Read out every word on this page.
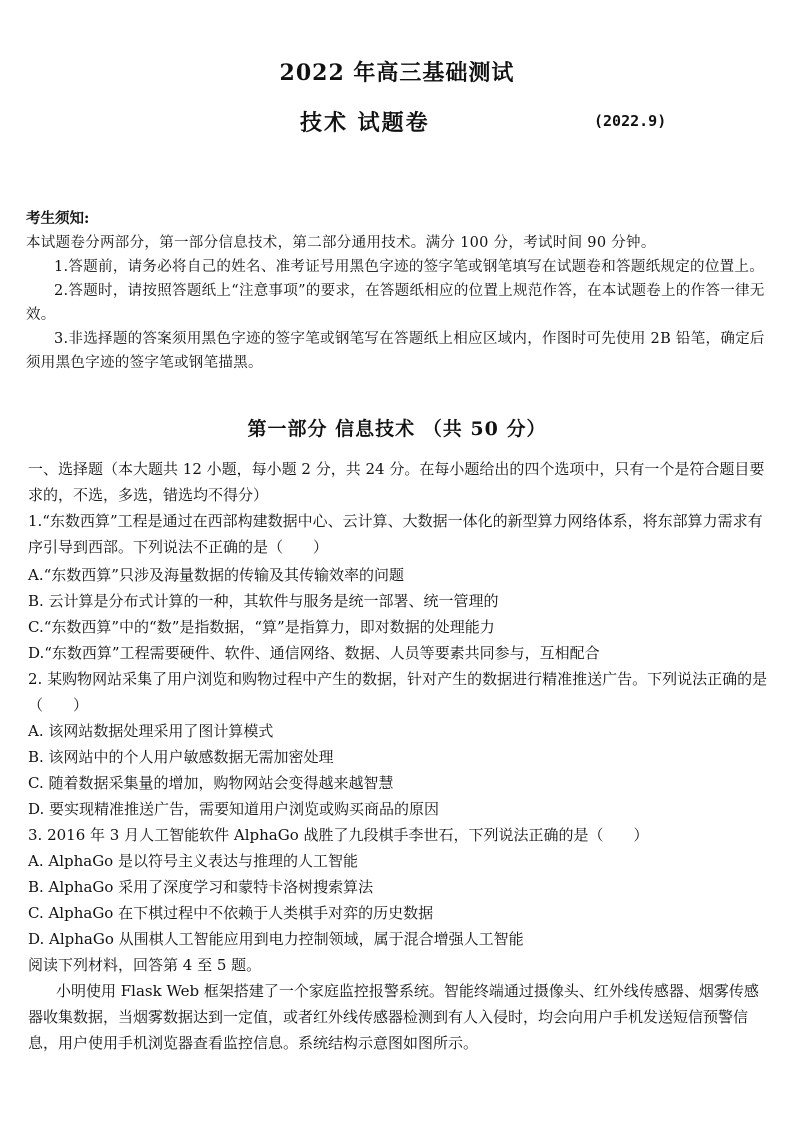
2022 年高三基础测试
技术 试题卷	(2022.9)
考生须知:
本试题卷分两部分，第一部分信息技术，第二部分通用技术。满分 100 分，考试时间 90 分钟。
1.答题前，请务必将自己的姓名、准考证号用黑色字迹的签字笔或钢笔填写在试题卷和答题纸规定的位置上。
2.答题时，请按照答题纸上“注意事项”的要求，在答题纸相应的位置上规范作答，在本试题卷上的作答一律无效。
3.非选择题的答案须用黑色字迹的签字笔或钢笔写在答题纸上相应区域内，作图时可先使用 2B 铅笔，确定后须用黑色字迹的签字笔或钢笔描黑。
第一部分 信息技术 （共 50 分）
一、选择题（本大题共 12 小题，每小题 2 分，共 24 分。在每小题给出的四个选项中，只有一个是符合题目要求的，不选，多选，错选均不得分）
1.“东数西算”工程是通过在西部构建数据中心、云计算、大数据一体化的新型算力网络体系，将东部算力需求有序引导到西部。下列说法不正确的是（　　）
A.“东数西算”只涉及海量数据的传输及其传输效率的问题
B. 云计算是分布式计算的一种，其软件与服务是统一部署、统一管理的
C.“东数西算”中的“数”是指数据，“算”是指算力，即对数据的处理能力
D.“东数西算”工程需要硬件、软件、通信网络、数据、人员等要素共同参与，互相配合
2. 某购物网站采集了用户浏览和购物过程中产生的数据，针对产生的数据进行精准推送广告。下列说法正确的是（　　）
A. 该网站数据处理采用了图计算模式
B. 该网站中的个人用户敏感数据无需加密处理
C. 随着数据采集量的增加，购物网站会变得越来越智慧
D. 要实现精准推送广告，需要知道用户浏览或购买商品的原因
3. 2016 年 3 月人工智能软件 AlphaGo 战胜了九段棋手李世石，下列说法正确的是（　　）
A. AlphaGo 是以符号主义表达与推理的人工智能
B. AlphaGo 采用了深度学习和蒙特卡洛树搜索算法
C. AlphaGo 在下棋过程中不依赖于人类棋手对弈的历史数据
D. AlphaGo 从围棋人工智能应用到电力控制领域，属于混合增强人工智能
阅读下列材料，回答第 4 至 5 题。
小明使用 Flask Web 框架搭建了一个家庭监控报警系统。智能终端通过摄像头、红外线传感器、烟雾传感器收集数据，当烟雾数据达到一定值，或者红外线传感器检测到有人入侵时，均会向用户手机发送短信预警信息，用户使用手机浏览器查看监控信息。系统结构示意图如图所示。
